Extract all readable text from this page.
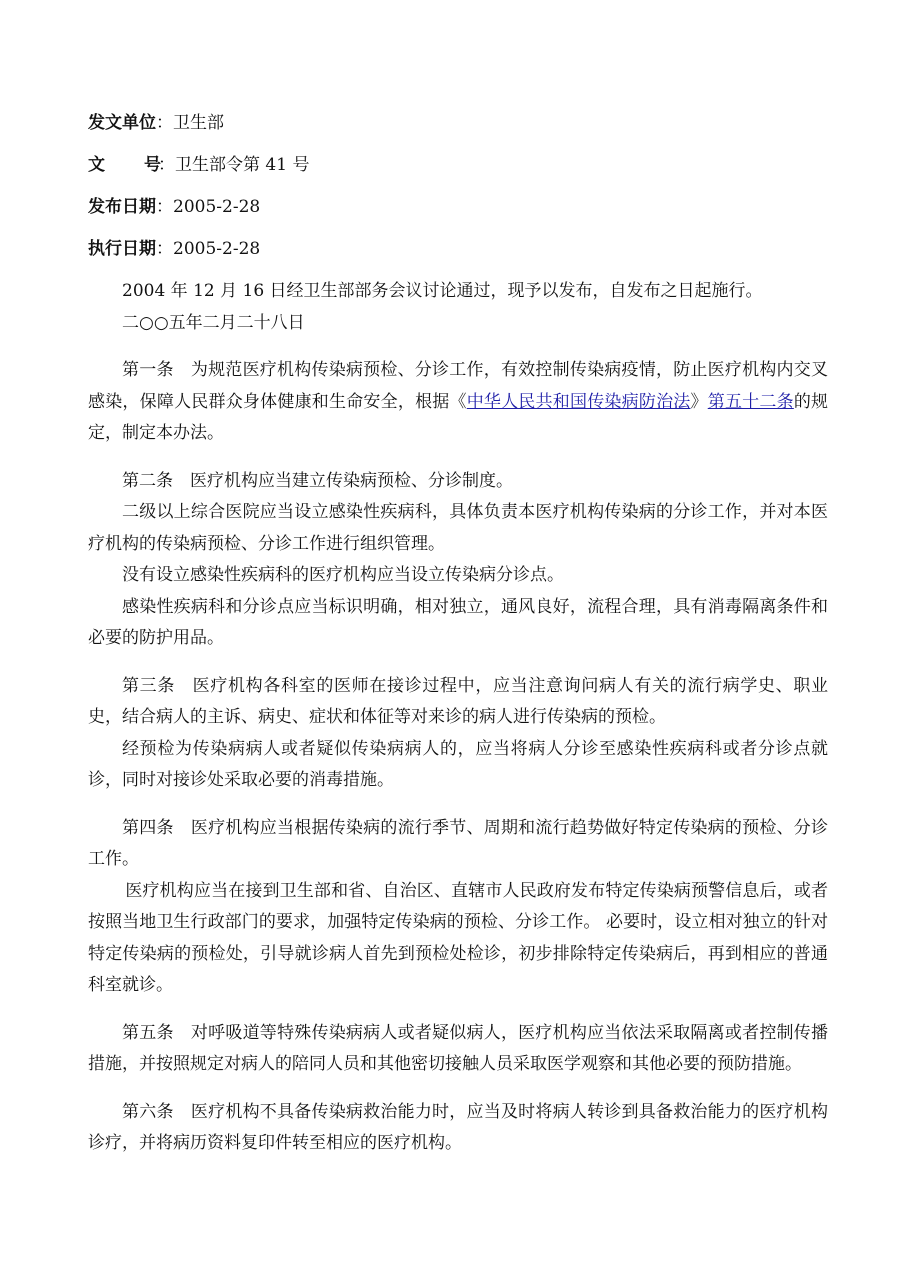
发文单位：卫生部
文 号：卫生部令第 41 号
发布日期：2005-2-28
执行日期：2005-2-28

2004 年 12 月 16 日经卫生部部务会议讨论通过，现予以发布，自发布之日起施行。

二○○五年二月二十八日

第一条　为规范医疗机构传染病预检、分诊工作，有效控制传染病疫情，防止医疗机构内交叉感染，保障人民群众身体健康和生命安全，根据《中华人民共和国传染病防治法》第五十二条的规定，制定本办法。

第二条　医疗机构应当建立传染病预检、分诊制度。

二级以上综合医院应当设立感染性疾病科，具体负责本医疗机构传染病的分诊工作，并对本医疗机构的传染病预检、分诊工作进行组织管理。

没有设立感染性疾病科的医疗机构应当设立传染病分诊点。

感染性疾病科和分诊点应当标识明确，相对独立，通风良好，流程合理，具有消毒隔离条件和必要的防护用品。

第三条　医疗机构各科室的医师在接诊过程中，应当注意询问病人有关的流行病学史、职业史，结合病人的主诉、病史、症状和体征等对来诊的病人进行传染病的预检。

经预检为传染病病人或者疑似传染病病人的，应当将病人分诊至感染性疾病科或者分诊点就诊，同时对接诊处采取必要的消毒措施。

第四条　医疗机构应当根据传染病的流行季节、周期和流行趋势做好特定传染病的预检、分诊工作。

医疗机构应当在接到卫生部和省、自治区、直辖市人民政府发布特定传染病预警信息后，或者按照当地卫生行政部门的要求，加强特定传染病的预检、分诊工作。 必要时，设立相对独立的针对特定传染病的预检处，引导就诊病人首先到预检处检诊，初步排除特定传染病后，再到相应的普通科室就诊。

第五条　对呼吸道等特殊传染病病人或者疑似病人，医疗机构应当依法采取隔离或者控制传播措施，并按照规定对病人的陪同人员和其他密切接触人员采取医学观察和其他必要的预防措施。

第六条　医疗机构不具备传染病救治能力时，应当及时将病人转诊到具备救治能力的医疗机构诊疗，并将病历资料复印件转至相应的医疗机构。
